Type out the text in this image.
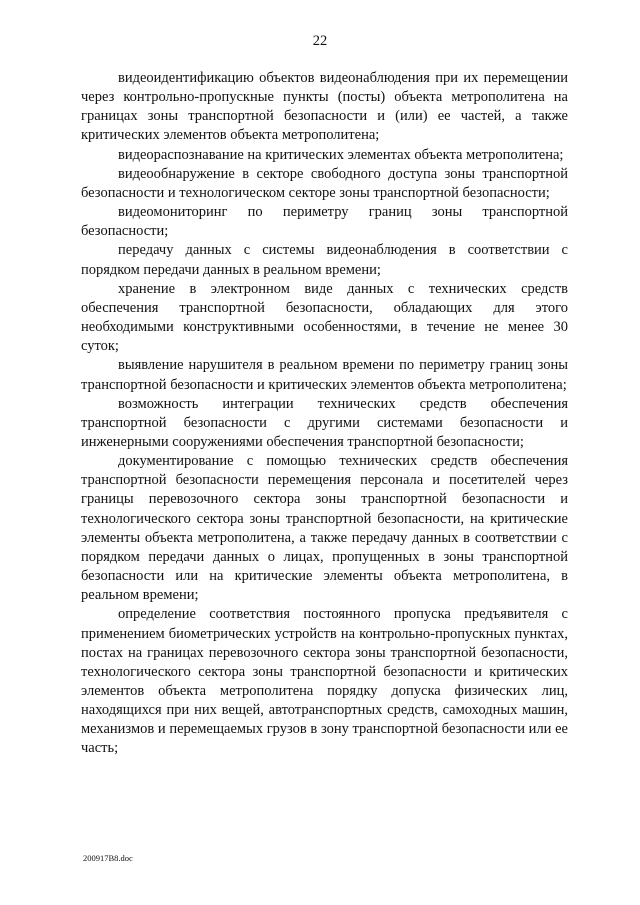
22

видеоидентификацию объектов видеонаблюдения при их перемещении через контрольно-пропускные пункты (посты) объекта метрополитена на границах зоны транспортной безопасности и (или) ее частей, а также критических элементов объекта метрополитена;

видеораспознавание на критических элементах объекта метрополитена;

видеообнаружение в секторе свободного доступа зоны транспортной безопасности и технологическом секторе зоны транспортной безопасности;

видеомониторинг по периметру границ зоны транспортной безопасности;

передачу данных с системы видеонаблюдения в соответствии с порядком передачи данных в реальном времени;

хранение в электронном виде данных с технических средств обеспечения транспортной безопасности, обладающих для этого необходимыми конструктивными особенностями, в течение не менее 30 суток;

выявление нарушителя в реальном времени по периметру границ зоны транспортной безопасности и критических элементов объекта метрополитена;

возможность интеграции технических средств обеспечения транспортной безопасности с другими системами безопасности и инженерными сооружениями обеспечения транспортной безопасности;

документирование с помощью технических средств обеспечения транспортной безопасности перемещения персонала и посетителей через границы перевозочного сектора зоны транспортной безопасности и технологического сектора зоны транспортной безопасности, на критические элементы объекта метрополитена, а также передачу данных в соответствии с порядком передачи данных о лицах, пропущенных в зоны транспортной безопасности или на критические элементы объекта метрополитена, в реальном времени;

определение соответствия постоянного пропуска предъявителя с применением биометрических устройств на контрольно-пропускных пунктах, постах на границах перевозочного сектора зоны транспортной безопасности, технологического сектора зоны транспортной безопасности и критических элементов объекта метрополитена порядку допуска физических лиц, находящихся при них вещей, автотранспортных средств, самоходных машин, механизмов и перемещаемых грузов в зону транспортной безопасности или ее часть;

200917B8.doc
